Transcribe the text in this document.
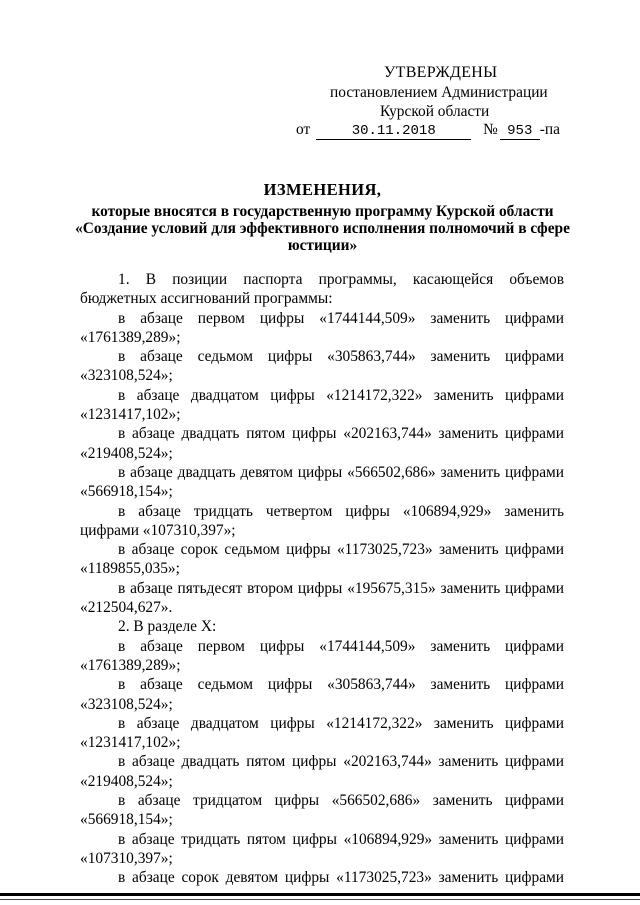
УТВЕРЖДЕНЫ
постановлением Администрации
Курской области
от	30.11.2018	№ 953 -па
ИЗМЕНЕНИЯ,
которые вносятся в государственную программу Курской области «Создание условий для эффективного исполнения полномочий в сфере юстиции»
1. В позиции паспорта программы, касающейся объемов бюджетных ассигнований программы:
в абзаце первом цифры «1744144,509» заменить цифрами «1761389,289»;
в абзаце седьмом цифры «305863,744» заменить цифрами «323108,524»;
в абзаце двадцатом цифры «1214172,322» заменить цифрами «1231417,102»;
в абзаце двадцать пятом цифры «202163,744» заменить цифрами «219408,524»;
в абзаце двадцать девятом цифры «566502,686» заменить цифрами «566918,154»;
в абзаце тридцать четвертом цифры «106894,929» заменить цифрами «107310,397»;
в абзаце сорок седьмом цифры «1173025,723» заменить цифрами «1189855,035»;
в абзаце пятьдесят втором цифры «195675,315» заменить цифрами «212504,627».
2. В разделе X:
в абзаце первом цифры «1744144,509» заменить цифрами «1761389,289»;
в абзаце седьмом цифры «305863,744» заменить цифрами «323108,524»;
в абзаце двадцатом цифры «1214172,322» заменить цифрами «1231417,102»;
в абзаце двадцать пятом цифры «202163,744» заменить цифрами «219408,524»;
в абзаце тридцатом цифры «566502,686» заменить цифрами «566918,154»;
в абзаце тридцать пятом цифры «106894,929» заменить цифрами «107310,397»;
в абзаце сорок девятом цифры «1173025,723» заменить цифрами
